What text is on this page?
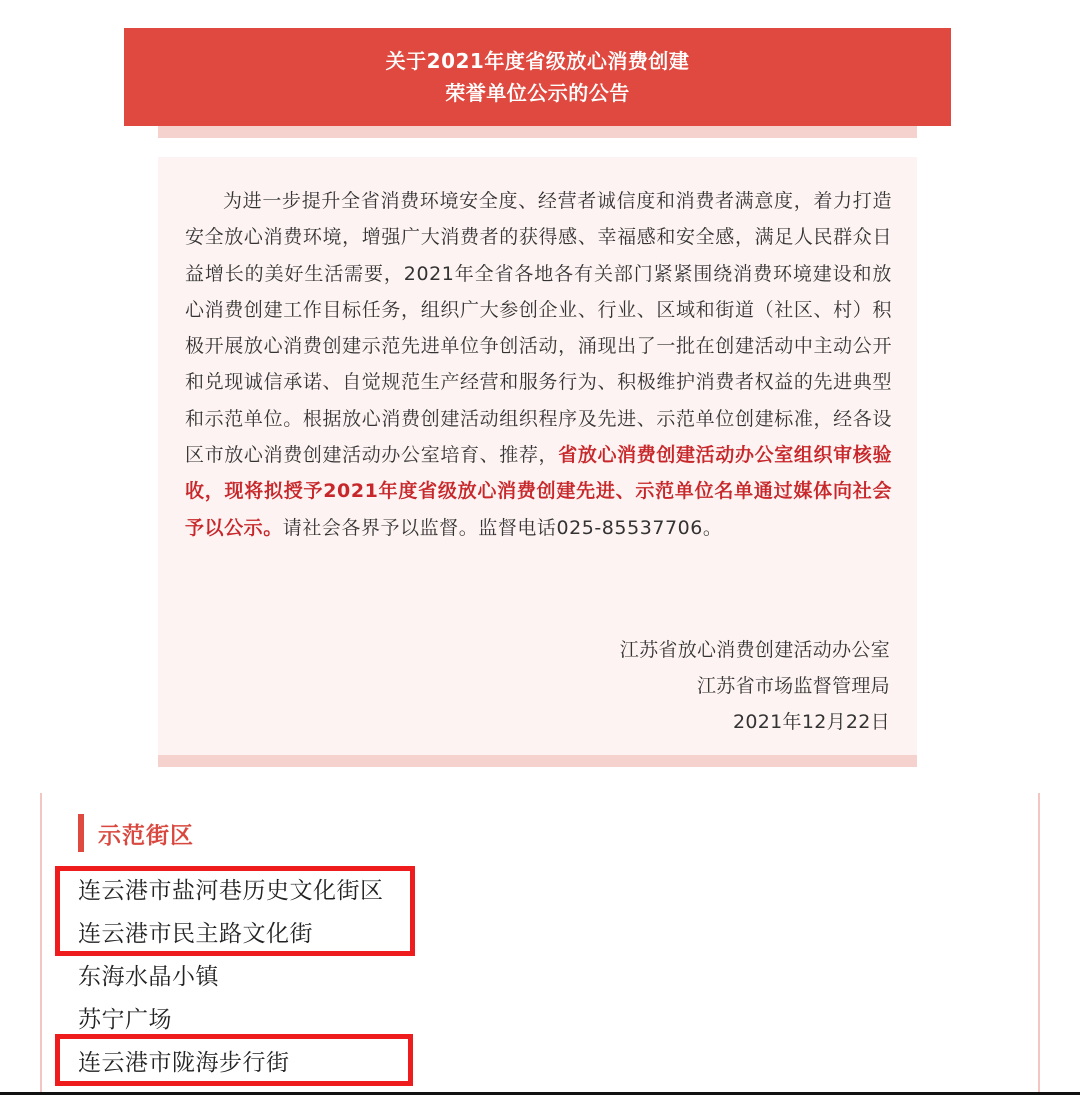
关于2021年度省级放心消费创建
荣誉单位公示的公告

为进一步提升全省消费环境安全度、经营者诚信度和消费者满意度，着力打造安全放心消费环境，增强广大消费者的获得感、幸福感和安全感，满足人民群众日益增长的美好生活需要，2021年全省各地各有关部门紧紧围绕消费环境建设和放心消费创建工作目标任务，组织广大参创企业、行业、区域和街道（社区、村）积极开展放心消费创建示范先进单位争创活动，涌现出了一批在创建活动中主动公开和兑现诚信承诺、自觉规范生产经营和服务行为、积极维护消费者权益的先进典型和示范单位。根据放心消费创建活动组织程序及先进、示范单位创建标准，经各设区市放心消费创建活动办公室培育、推荐，省放心消费创建活动办公室组织审核验收，现将拟授予2021年度省级放心消费创建先进、示范单位名单通过媒体向社会予以公示。请社会各界予以监督。监督电话025-85537706。

江苏省放心消费创建活动办公室
江苏省市场监督管理局
2021年12月22日
示范街区
连云港市盐河巷历史文化街区
连云港市民主路文化街
东海水晶小镇
苏宁广场
连云港市陇海步行街
